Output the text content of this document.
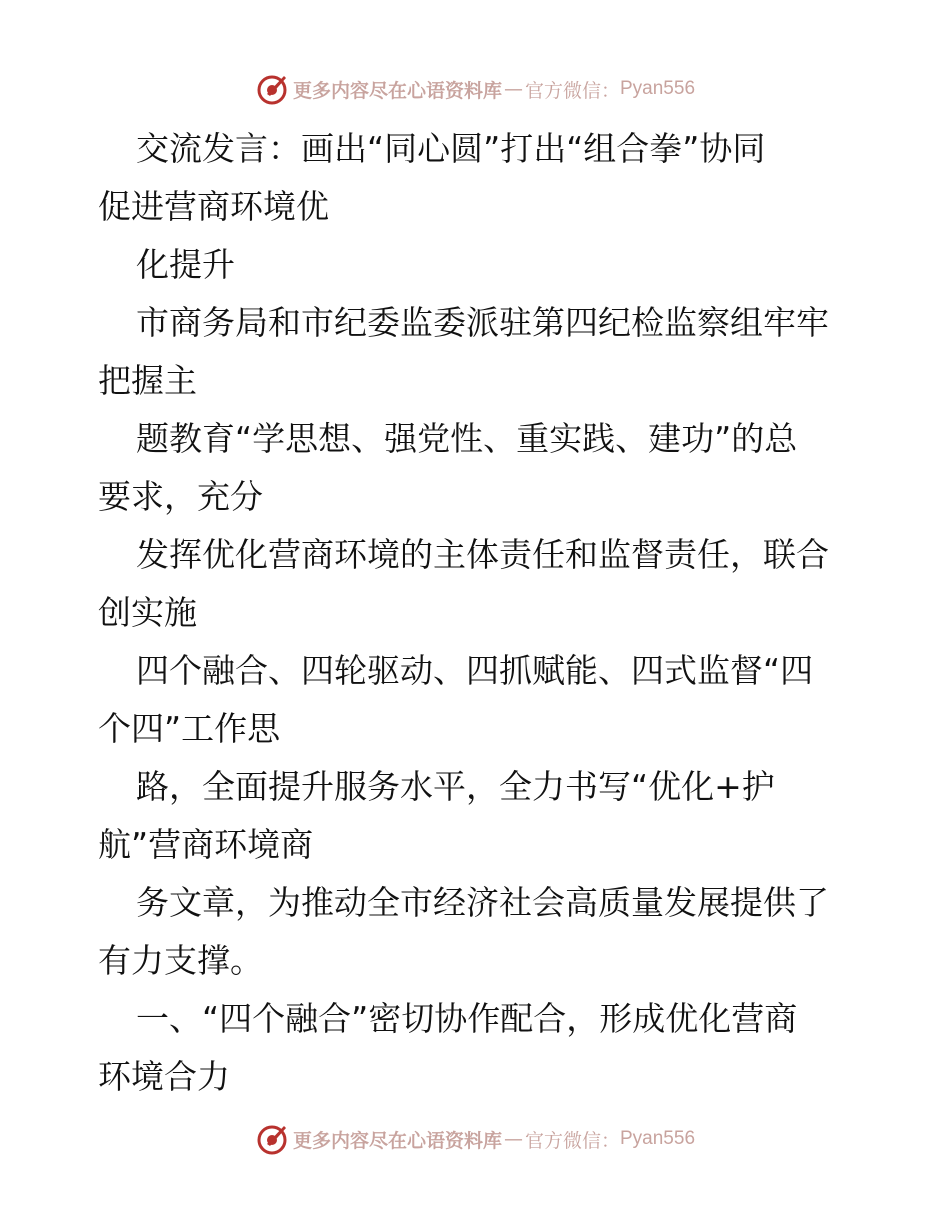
更多内容尽在心语资料库 — 官方微信： Pyan556
交流发言：画出“同心圆”打出“组合拳”协同
促进营商环境优
化提升
市商务局和市纪委监委派驻第四纪检监察组牢牢
把握主
题教育“学思想、强党性、重实践、建功”的总
要求，充分
发挥优化营商环境的主体责任和监督责任，联合
创实施
四个融合、四轮驱动、四抓赋能、四式监督“四
个四”工作思
路，全面提升服务水平，全力书写“优化+护
航”营商环境商
务文章，为推动全市经济社会高质量发展提供了
有力支撑。
一、“四个融合”密切协作配合，形成优化营商
环境合力
更多内容尽在心语资料库 — 官方微信： Pyan556
